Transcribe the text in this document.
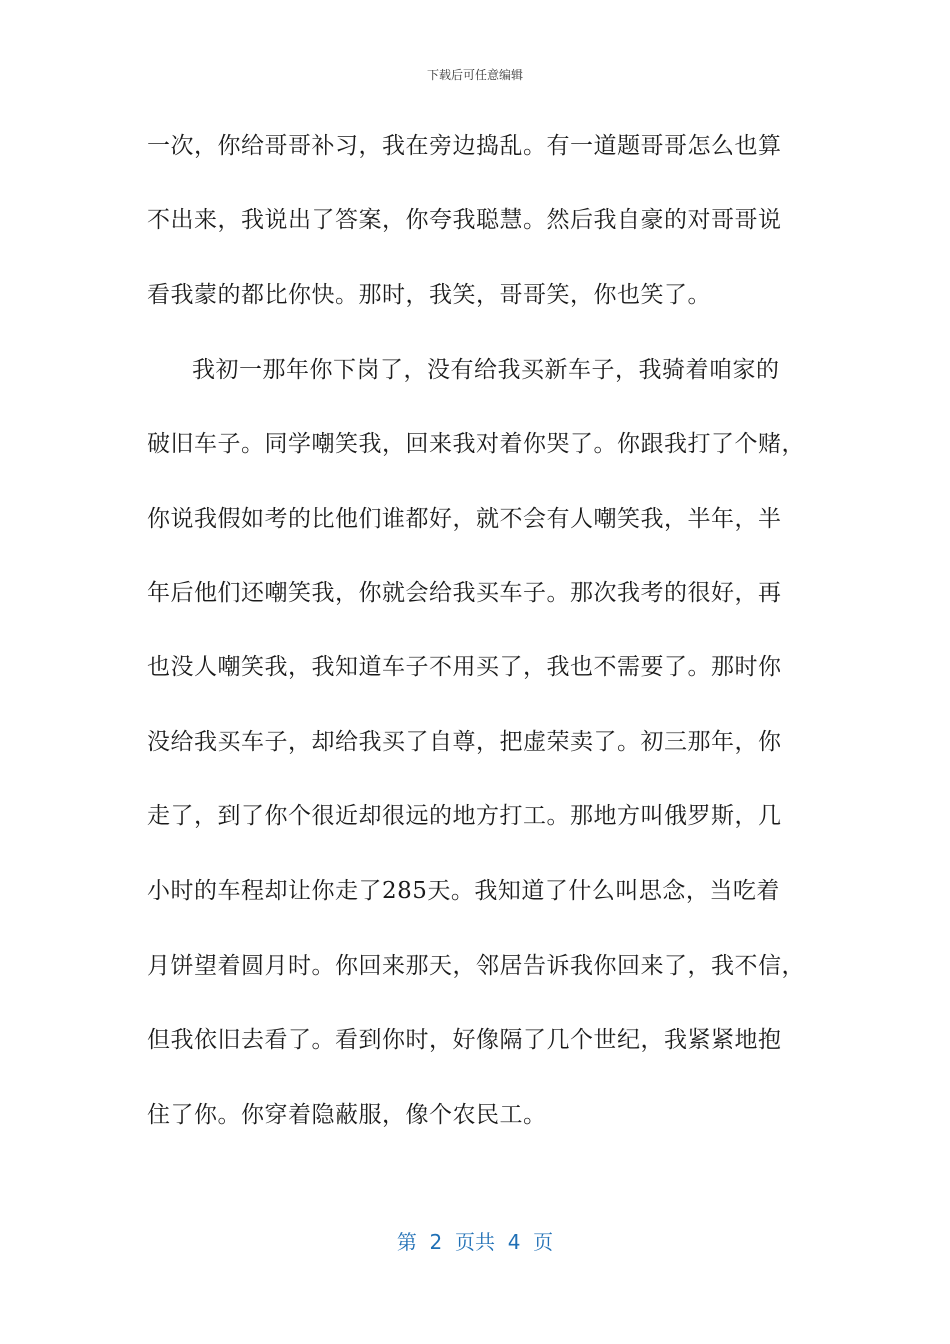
下载后可任意编辑
一次，你给哥哥补习，我在旁边捣乱。有一道题哥哥怎么也算
不出来，我说出了答案，你夸我聪慧。然后我自豪的对哥哥说
看我蒙的都比你快。那时，我笑，哥哥笑，你也笑了。
我初一那年你下岗了，没有给我买新车子，我骑着咱家的
破旧车子。同学嘲笑我，回来我对着你哭了。你跟我打了个赌，
你说我假如考的比他们谁都好，就不会有人嘲笑我，半年，半
年后他们还嘲笑我，你就会给我买车子。那次我考的很好，再
也没人嘲笑我，我知道车子不用买了，我也不需要了。那时你
没给我买车子，却给我买了自尊，把虚荣卖了。初三那年，你
走了，到了你个很近却很远的地方打工。那地方叫俄罗斯，几
小时的车程却让你走了285天。我知道了什么叫思念，当吃着
月饼望着圆月时。你回来那天，邻居告诉我你回来了，我不信，
但我依旧去看了。看到你时，好像隔了几个世纪，我紧紧地抱
住了你。你穿着隐蔽服，像个农民工。
第  2  页共  4  页
